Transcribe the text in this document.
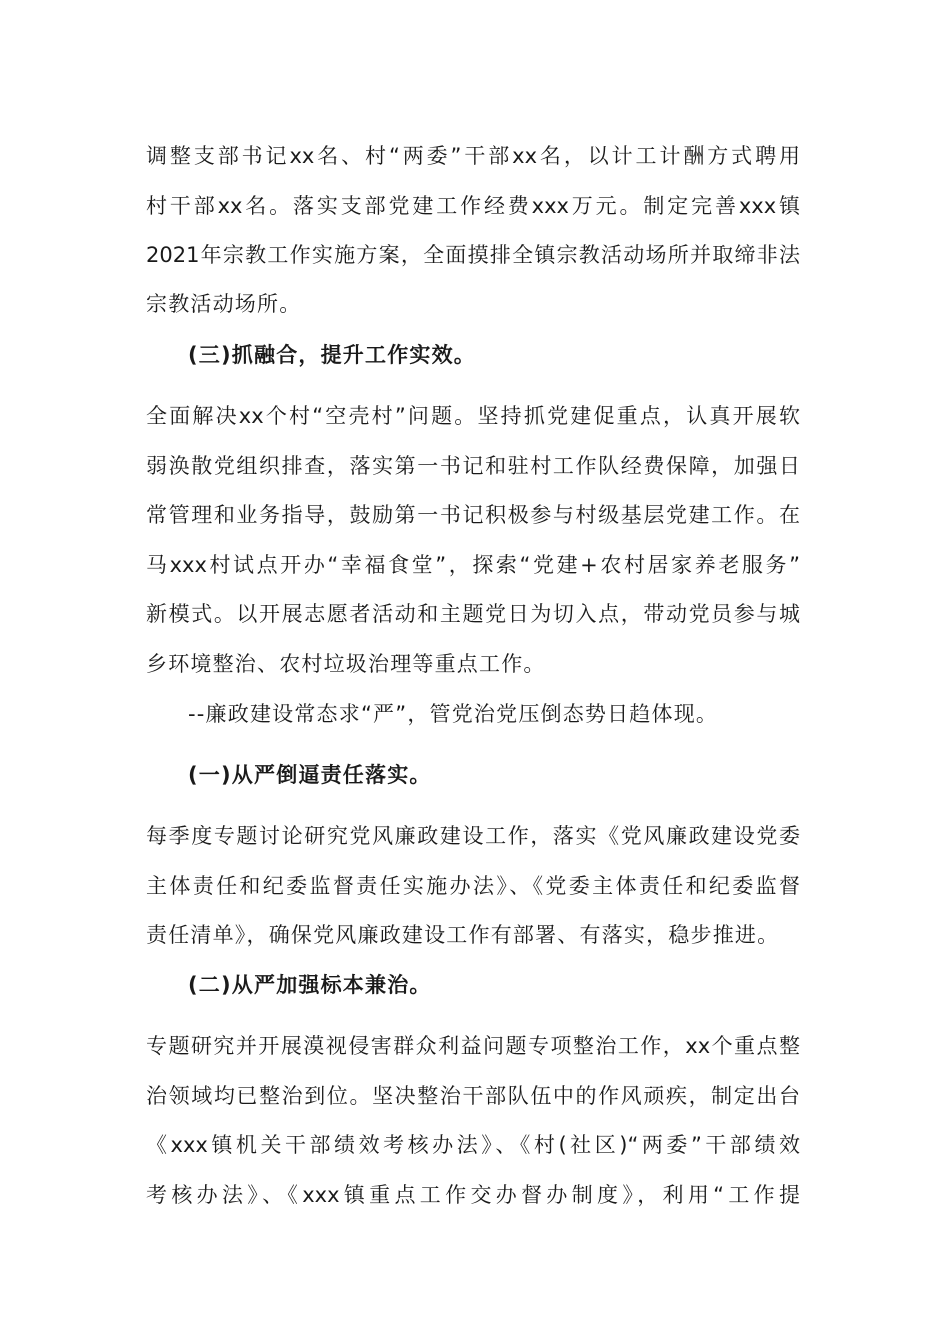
调整支部书记xx名、村“两委”干部xx名，以计工计酬方式聘用
村干部xx名。落实支部党建工作经费xxx万元。制定完善xxx镇
2021年宗教工作实施方案，全面摸排全镇宗教活动场所并取缔非法
宗教活动场所。
(三)抓融合，提升工作实效。
全面解决xx个村“空壳村”问题。坚持抓党建促重点，认真开展软
弱涣散党组织排查，落实第一书记和驻村工作队经费保障，加强日
常管理和业务指导，鼓励第一书记积极参与村级基层党建工作。在
马xxx村试点开办“幸福食堂”，探索“党建+农村居家养老服务”
新模式。以开展志愿者活动和主题党日为切入点，带动党员参与城
乡环境整治、农村垃圾治理等重点工作。
--廉政建设常态求“严”，管党治党压倒态势日趋体现。
(一)从严倒逼责任落实。
每季度专题讨论研究党风廉政建设工作，落实《党风廉政建设党委
主体责任和纪委监督责任实施办法》、《党委主体责任和纪委监督
责任清单》，确保党风廉政建设工作有部署、有落实，稳步推进。
(二)从严加强标本兼治。
专题研究并开展漠视侵害群众利益问题专项整治工作，xx个重点整
治领域均已整治到位。坚决整治干部队伍中的作风顽疾，制定出台
《xxx镇机关干部绩效考核办法》、《村(社区)“两委”干部绩效
考核办法》、《xxx镇重点工作交办督办制度》，利用“工作提
